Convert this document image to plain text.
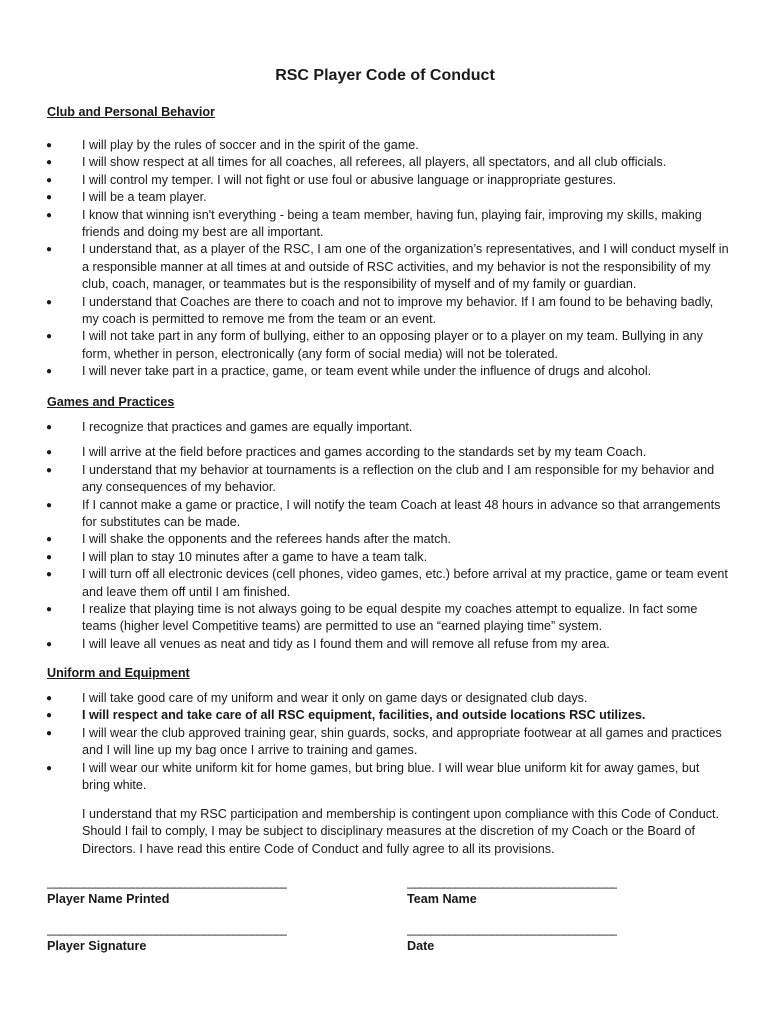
RSC Player Code of Conduct
Club and Personal Behavior
●	I will play by the rules of soccer and in the spirit of the game.
●	I will show respect at all times for all coaches, all referees, all players, all spectators, and all club officials.
●	I will control my temper. I will not fight or use foul or abusive language or inappropriate gestures.
●	I will be a team player.
●	I know that winning isn't everything - being a team member, having fun, playing fair, improving my skills, making friends and doing my best are all important.
●	I understand that, as a player of the RSC, I am one of the organization’s representatives, and I will conduct myself in a responsible manner at all times at and outside of RSC activities, and my behavior is not the responsibility of my club, coach, manager, or teammates but is the responsibility of myself and of my family or guardian.
●	I understand that Coaches are there to coach and not to improve my behavior. If I am found to be behaving badly, my coach is permitted to remove me from the team or an event.
●	I will not take part in any form of bullying, either to an opposing player or to a player on my team. Bullying in any form, whether in person, electronically (any form of social media) will not be tolerated.
●	I will never take part in a practice, game, or team event while under the influence of drugs and alcohol.
Games and Practices
●	I recognize that practices and games are equally important.
●	I will arrive at the field before practices and games according to the standards set by my team Coach.
●	I understand that my behavior at tournaments is a reflection on the club and I am responsible for my behavior and any consequences of my behavior.
●	If I cannot make a game or practice, I will notify the team Coach at least 48 hours in advance so that arrangements for substitutes can be made.
●	I will shake the opponents and the referees hands after the match.
●	I will plan to stay 10 minutes after a game to have a team talk.
●	I will turn off all electronic devices (cell phones, video games, etc.) before arrival at my practice, game or team event and leave them off until I am finished.
●	I realize that playing time is not always going to be equal despite my coaches attempt to equalize. In fact some teams (higher level Competitive teams) are permitted to use an “earned playing time” system.
●	I will leave all venues as neat and tidy as I found them and will remove all refuse from my area.
Uniform and Equipment
●	I will take good care of my uniform and wear it only on game days or designated club days.
●	I will respect and take care of all RSC equipment, facilities, and outside locations RSC utilizes.
●	I will wear the club approved training gear, shin guards, socks, and appropriate footwear at all games and practices and I will line up my bag once I arrive to training and games.
●	I will wear our white uniform kit for home games, but bring blue. I will wear blue uniform kit for away games, but bring white.
I understand that my RSC participation and membership is contingent upon compliance with this Code of Conduct. Should I fail to comply, I may be subject to disciplinary measures at the discretion of my Coach or the Board of Directors. I have read this entire Code of Conduct and fully agree to all its provisions.
________________________________________
Player Name Printed
___________________________________
Team Name
________________________________________
Player Signature
___________________________________
Date
